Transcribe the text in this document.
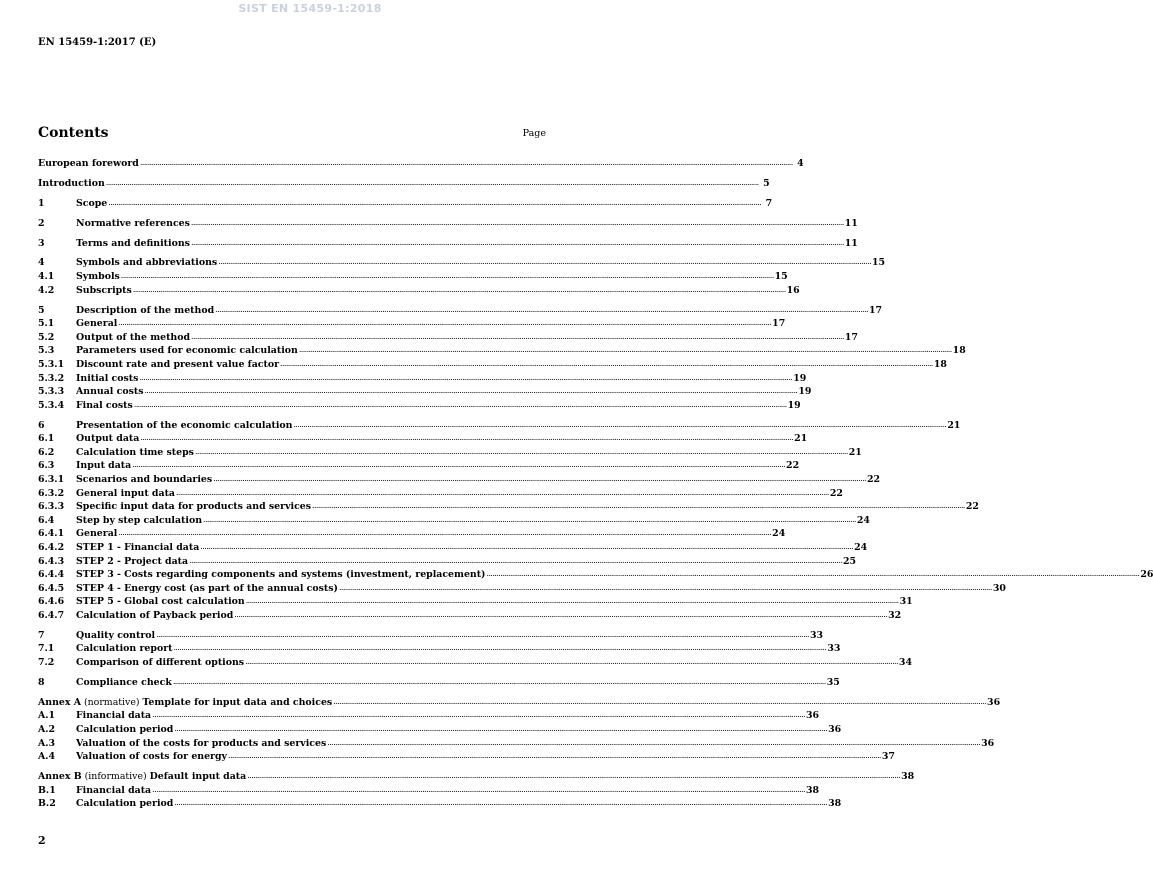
SIST EN 15459-1:2018
EN 15459-1:2017 (E)
Contents	Page
European foreword .....	4
Introduction .....	5
1	Scope .....	7
2	Normative references .....	11
3	Terms and definitions .....	11
4	Symbols and abbreviations .....	15
4.1	Symbols .....	15
4.2	Subscripts .....	16
5	Description of the method .....	17
5.1	General .....	17
5.2	Output of the method .....	17
5.3	Parameters used for economic calculation .....	18
5.3.1	Discount rate and present value factor .....	18
5.3.2	Initial costs .....	19
5.3.3	Annual costs .....	19
5.3.4	Final costs .....	19
6	Presentation of the economic calculation .....	21
6.1	Output data .....	21
6.2	Calculation time steps .....	21
6.3	Input data .....	22
6.3.1	Scenarios and boundaries .....	22
6.3.2	General input data .....	22
6.3.3	Specific input data for products and services .....	22
6.4	Step by step calculation .....	24
6.4.1	General .....	24
6.4.2	STEP 1 - Financial data .....	24
6.4.3	STEP 2 - Project data .....	25
6.4.4	STEP 3 - Costs regarding components and systems (investment, replacement) .....	26
6.4.5	STEP 4 - Energy cost (as part of the annual costs) .....	30
6.4.6	STEP 5 - Global cost calculation .....	31
6.4.7	Calculation of Payback period .....	32
7	Quality control .....	33
7.1	Calculation report .....	33
7.2	Comparison of different options .....	34
8	Compliance check .....	35
Annex A (normative) Template for input data and choices .....	36
A.1	Financial data .....	36
A.2	Calculation period .....	36
A.3	Valuation of the costs for products and services .....	36
A.4	Valuation of costs for energy .....	37
Annex B (informative) Default input data .....	38
B.1	Financial data .....	38
B.2	Calculation period .....	38
2
